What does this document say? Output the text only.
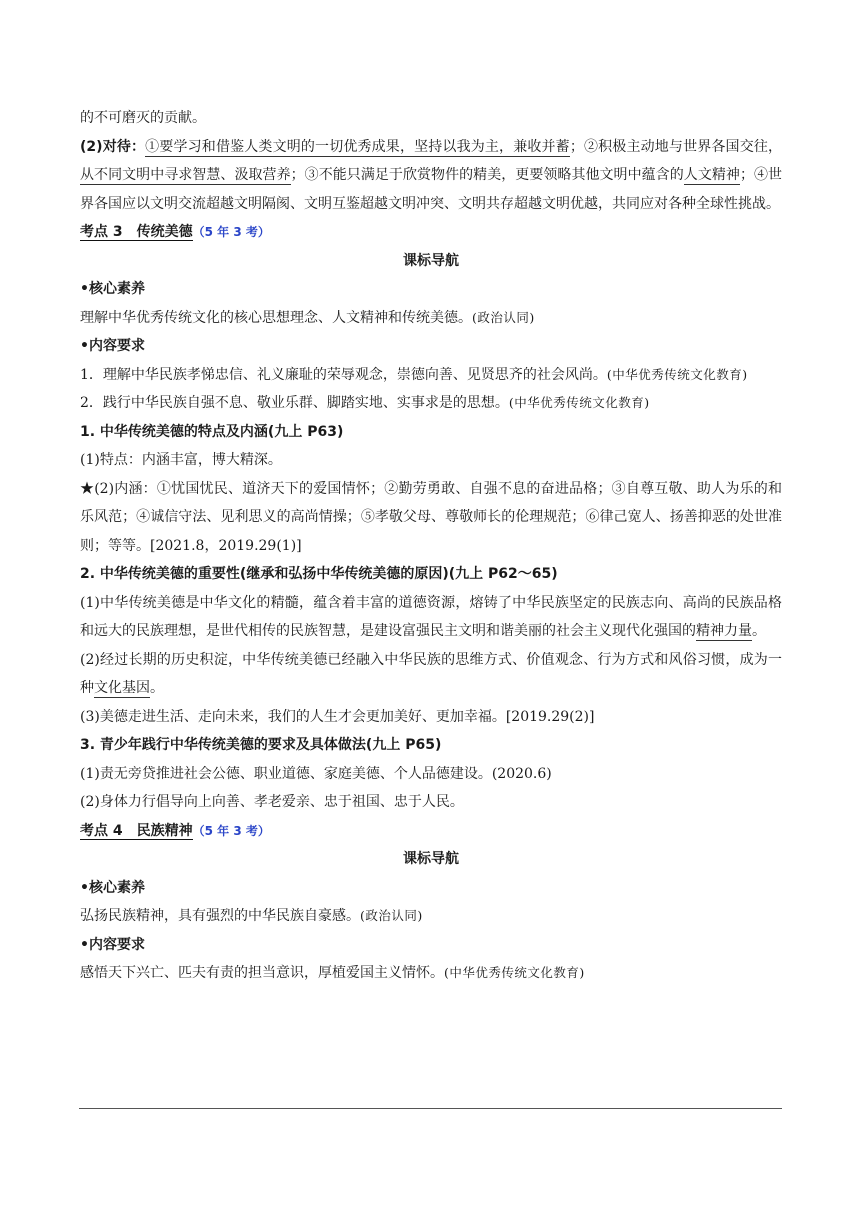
的不可磨灭的贡献。

(2)对待：①要学习和借鉴人类文明的一切优秀成果，坚持以我为主，兼收并蓄；②积极主动地与世界各国交往，从不同文明中寻求智慧、汲取营养；③不能只满足于欣赏物件的精美，更要领略其他文明中蕴含的人文精神；④世界各国应以文明交流超越文明隔阂、文明互鉴超越文明冲突、文明共存超越文明优越，共同应对各种全球性挑战。

考点 3　传统美德（5 年 3 考）

课标导航

•核心素养

理解中华优秀传统文化的核心思想理念、人文精神和传统美德。(政治认同)

•内容要求

1．理解中华民族孝悌忠信、礼义廉耻的荣辱观念，崇德向善、见贤思齐的社会风尚。(中华优秀传统文化教育)

2．践行中华民族自强不息、敬业乐群、脚踏实地、实事求是的思想。(中华优秀传统文化教育)

1. 中华传统美德的特点及内涵(九上 P63)

(1)特点：内涵丰富，博大精深。

★(2)内涵：①忧国忧民、道济天下的爱国情怀；②勤劳勇敢、自强不息的奋进品格；③自尊互敬、助人为乐的和乐风范；④诚信守法、见利思义的高尚情操；⑤孝敬父母、尊敬师长的伦理规范；⑥律己宽人、扬善抑恶的处世准则；等等。[2021.8，2019.29(1)]

2. 中华传统美德的重要性(继承和弘扬中华传统美德的原因)(九上 P62～65)

(1)中华传统美德是中华文化的精髓，蕴含着丰富的道德资源，熔铸了中华民族坚定的民族志向、高尚的民族品格和远大的民族理想，是世代相传的民族智慧，是建设富强民主文明和谐美丽的社会主义现代化强国的精神力量。

(2)经过长期的历史积淀，中华传统美德已经融入中华民族的思维方式、价值观念、行为方式和风俗习惯，成为一种文化基因。

(3)美德走进生活、走向未来，我们的人生才会更加美好、更加幸福。[2019.29(2)]

3. 青少年践行中华传统美德的要求及具体做法(九上 P65)

(1)责无旁贷推进社会公德、职业道德、家庭美德、个人品德建设。(2020.6)

(2)身体力行倡导向上向善、孝老爱亲、忠于祖国、忠于人民。

考点 4　民族精神（5 年 3 考）

课标导航

•核心素养

弘扬民族精神，具有强烈的中华民族自豪感。(政治认同)

•内容要求

感悟天下兴亡、匹夫有责的担当意识，厚植爱国主义情怀。(中华优秀传统文化教育)
